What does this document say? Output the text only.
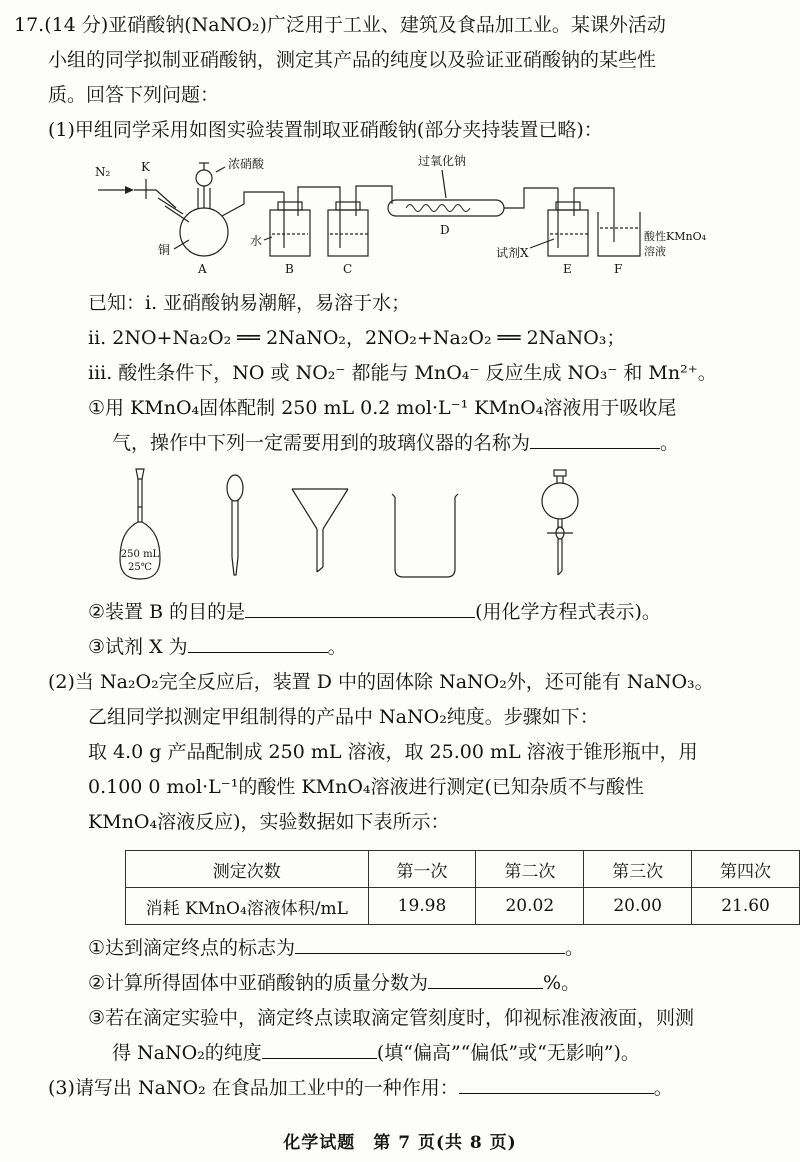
17.(14 分)亚硝酸钠(NaNO₂)广泛用于工业、建筑及食品加工业。某课外活动
小组的同学拟制亚硝酸钠，测定其产品的纯度以及验证亚硝酸钠的某些性
质。回答下列问题：
(1)甲组同学采用如图实验装置制取亚硝酸钠(部分夹持装置已略)：
N₂	K	浓硝酸	过氧化钠
铜
水
试剂X
酸性KMnO₄
溶液
A	B	C
D
E	F
已知：i. 亚硝酸钠易潮解，易溶于水；
ii. 2NO+Na₂O₂ ══ 2NaNO₂，2NO₂+Na₂O₂ ══ 2NaNO₃；
iii. 酸性条件下，NO 或 NO₂⁻ 都能与 MnO₄⁻ 反应生成 NO₃⁻ 和 Mn²⁺。
①用 KMnO₄固体配制 250 mL 0.2 mol·L⁻¹ KMnO₄溶液用于吸收尾
气，操作中下列一定需要用到的玻璃仪器的名称为	。
250 mL
25℃
②装置 B 的目的是	(用化学方程式表示)。
③试剂 X 为	。
(2)当 Na₂O₂完全反应后，装置 D 中的固体除 NaNO₂外，还可能有 NaNO₃。
乙组同学拟测定甲组制得的产品中 NaNO₂纯度。步骤如下：
取 4.0 g 产品配制成 250 mL 溶液，取 25.00 mL 溶液于锥形瓶中，用
0.100 0 mol·L⁻¹的酸性 KMnO₄溶液进行测定(已知杂质不与酸性
KMnO₄溶液反应)，实验数据如下表所示：
测定次数	第一次	第二次	第三次	第四次
消耗 KMnO₄溶液体积/mL	19.98	20.02	20.00	21.60
①达到滴定终点的标志为	。
②计算所得固体中亚硝酸钠的质量分数为	%。
③若在滴定实验中，滴定终点读取滴定管刻度时，仰视标准液液面，则测
得 NaNO₂的纯度	(填“偏高”“偏低”或“无影响”)。
(3)请写出 NaNO₂ 在食品加工业中的一种作用：	。
化学试题　第 7 页(共 8 页)
